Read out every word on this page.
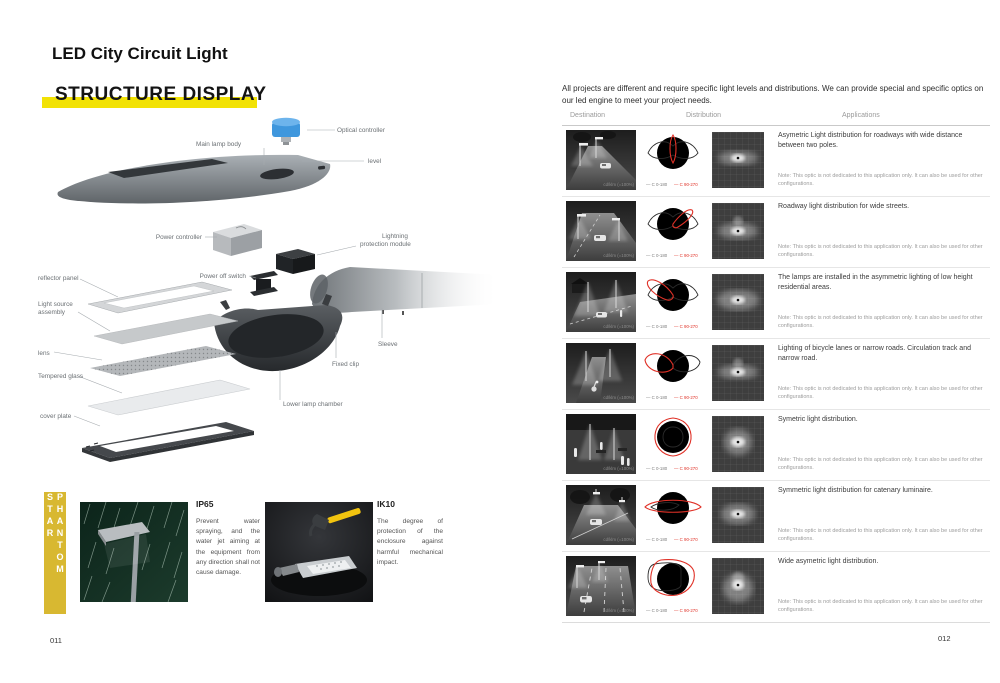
LED City Circuit Light
STRUCTURE DISPLAY
Optical controller
Main lamp body
level
Power controller	Lightning
protection module
Power off switch
reflector panel
Light source
assembly
Sleeve
lens
Fixed clip
Tempered glass
Lower lamp chamber
cover plate
PHANTOM STAR	IP65
Prevent water spraying, and the water jet aiming at the equipment from any direction shall not cause damage.
IK10
The degree of protection of the enclosure against harmful mechanical impact.
011
All projects are different and require specific light levels and distributions. We can provide special and specific optics on our led engine to meet your project needs.
Destination	Distribution	Applications
cd/klm (=100%)	— C 0-180 — C 90-270
Asymetric Light distribution for roadways with wide distance between two poles.
Note: This optic is not dedicated to this application only. It can also be used for other configurations.
cd/klm (=100%)	— C 0-180 — C 90-270
Roadway light distribution for wide streets.
Note: This optic is not dedicated to this application only. It can also be used for other configurations.
cd/klm (=100%)	— C 0-180 — C 90-270
The lamps are installed in the asymmetric lighting of low height residential areas.
Note: This optic is not dedicated to this application only. It can also be used for other configurations.
cd/klm (=100%)	— C 0-180 — C 90-270
Lighting of bicycle lanes or narrow roads. Circulation track and narrow road.
Note: This optic is not dedicated to this application only. It can also be used for other configurations.
cd/klm (=100%)	— C 0-180 — C 90-270
Symetric light distribution.
Note: This optic is not dedicated to this application only. It can also be used for other configurations.
cd/klm (=100%)	— C 0-180 — C 90-270
Symmetric light distribution for catenary luminaire.
Note: This optic is not dedicated to this application only. It can also be used for other configurations.
cd/klm (=100%)	— C 0-180 — C 90-270
Wide asymetric light distribution.
Note: This optic is not dedicated to this application only. It can also be used for other configurations.
012
